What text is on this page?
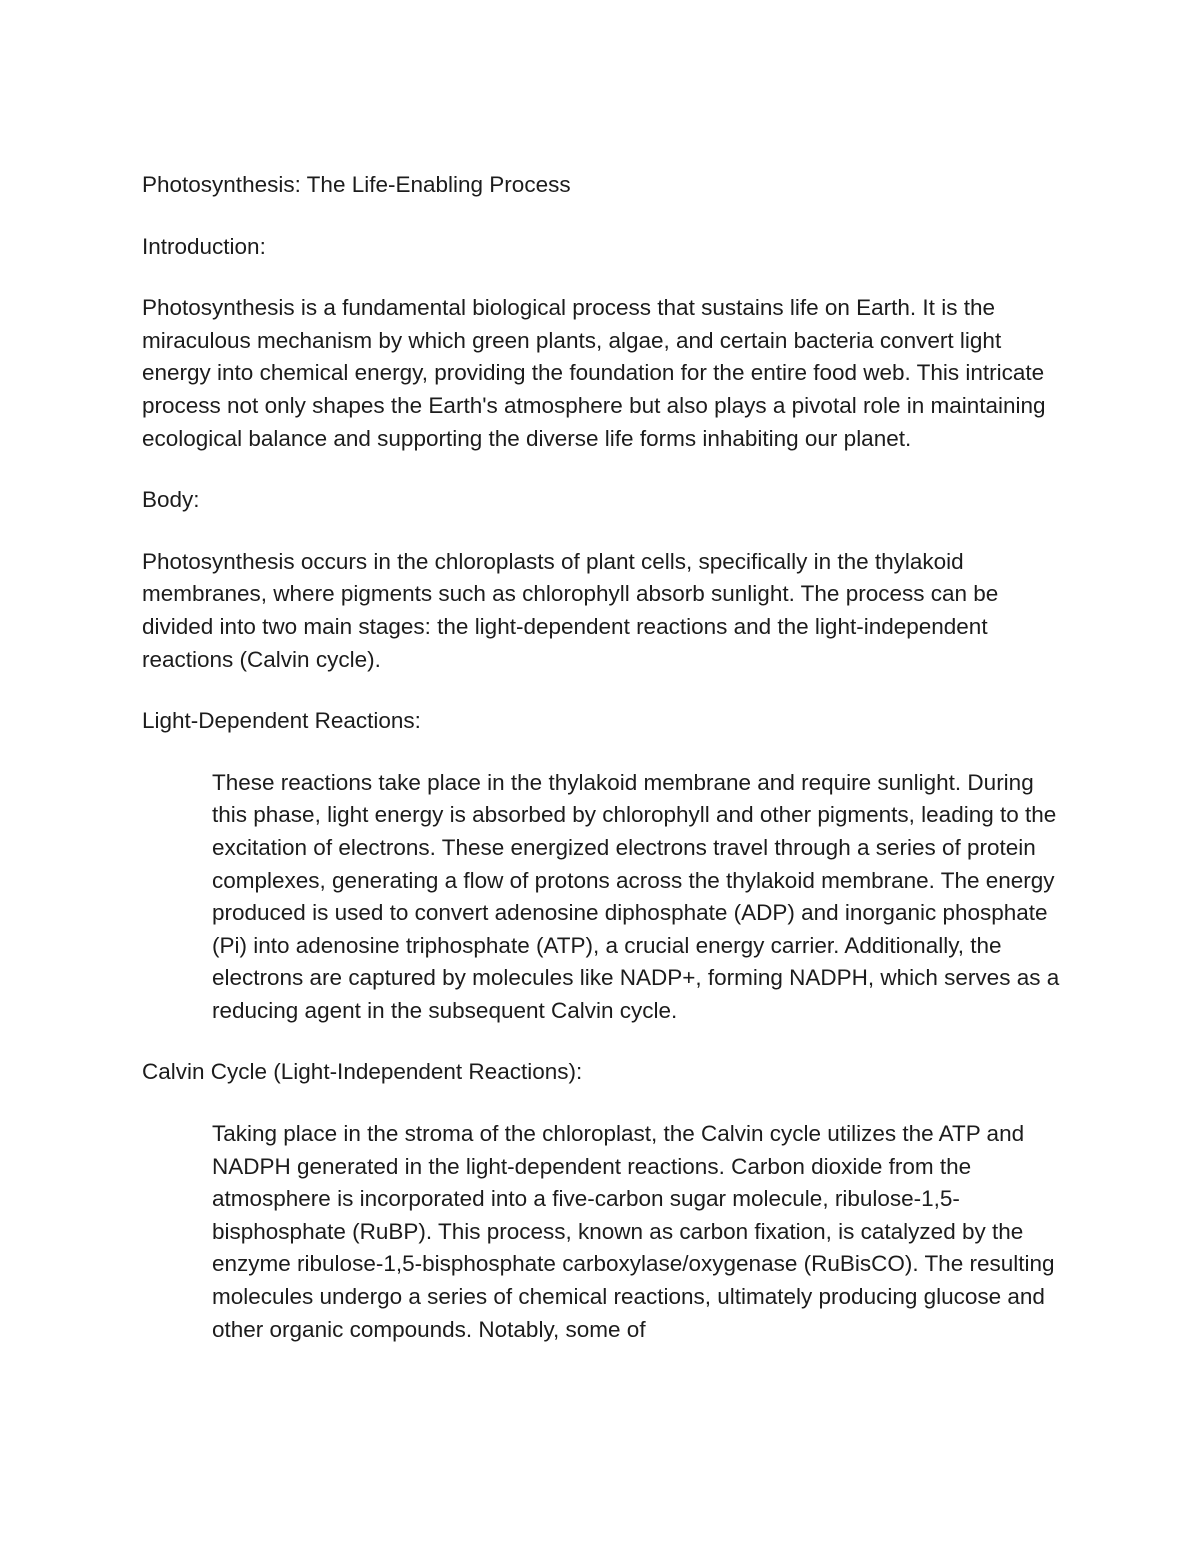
Photosynthesis: The Life-Enabling Process

Introduction:

Photosynthesis is a fundamental biological process that sustains life on Earth. It is the miraculous mechanism by which green plants, algae, and certain bacteria convert light energy into chemical energy, providing the foundation for the entire food web. This intricate process not only shapes the Earth's atmosphere but also plays a pivotal role in maintaining ecological balance and supporting the diverse life forms inhabiting our planet.

Body:

Photosynthesis occurs in the chloroplasts of plant cells, specifically in the thylakoid membranes, where pigments such as chlorophyll absorb sunlight. The process can be divided into two main stages: the light-dependent reactions and the light-independent reactions (Calvin cycle).

Light-Dependent Reactions:

These reactions take place in the thylakoid membrane and require sunlight. During this phase, light energy is absorbed by chlorophyll and other pigments, leading to the excitation of electrons. These energized electrons travel through a series of protein complexes, generating a flow of protons across the thylakoid membrane. The energy produced is used to convert adenosine diphosphate (ADP) and inorganic phosphate (Pi) into adenosine triphosphate (ATP), a crucial energy carrier. Additionally, the electrons are captured by molecules like NADP+, forming NADPH, which serves as a reducing agent in the subsequent Calvin cycle.

Calvin Cycle (Light-Independent Reactions):

Taking place in the stroma of the chloroplast, the Calvin cycle utilizes the ATP and NADPH generated in the light-dependent reactions. Carbon dioxide from the atmosphere is incorporated into a five-carbon sugar molecule, ribulose-1,5-bisphosphate (RuBP). This process, known as carbon fixation, is catalyzed by the enzyme ribulose-1,5-bisphosphate carboxylase/oxygenase (RuBisCO). The resulting molecules undergo a series of chemical reactions, ultimately producing glucose and other organic compounds. Notably, some of
